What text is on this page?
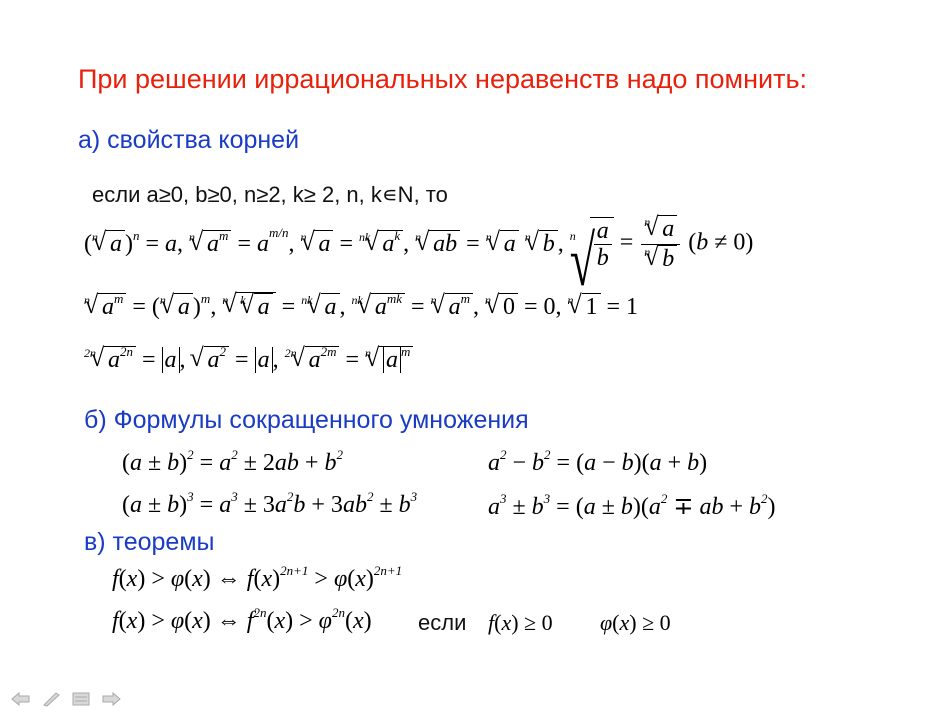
При решении иррациональных неравенств надо помнить:
а) свойства корней
если a≥0, b≥0, n≥2, k≥ 2, n, k∊N, то
($^n$√ a )$^n$ = a, $^n$√ $a^m = a^{m/n}$, $^n$√ a = $^{nk}$√ $a^k$ , $^n$√ ab = $^n$√ a $^n$√ b , $^n$
√ $\frac{a}{b} = \frac{^n√ a}{^n√ b} (b \ne 0)$
$^n$√ $a^m = (^n√$ a )$^m$, $^n$√ $^k$√ a = $^{nk}$√ a , $^{nk}$√ $a^{mk} = ^n√$ $a^m$ , $^n$√ 0 = 0, $^n$√ 1 = 1
$^{2n}$√ $a^{2n} = a$ , √ $a^2 = a$ , $^{2n}$√ $a^{2m} = ^n√$ a $^m$
б) Формулы сокращенного умножения
$(a \pm b)^2 = a^2 \pm 2ab + b^2$	$a^2 - b^2 = (a - b)(a + b)$
$(a \pm b)^3 = a^3 \pm 3a^2b + 3ab^2 \pm b^3$	$a^3 \pm b^3 = (a \pm b)(a^2$ ∓ ab + $b^2$)
в) теоремы
f(x) > φ(x) ⇔ $f(x)^{2n+1} > \varphi(x)^{2n+1}$
f(x) > φ(x) ⇔ $f^{2n}(x) > \varphi^{2n}(x)$ если f(x) ≥ 0 φ(x) ≥ 0
